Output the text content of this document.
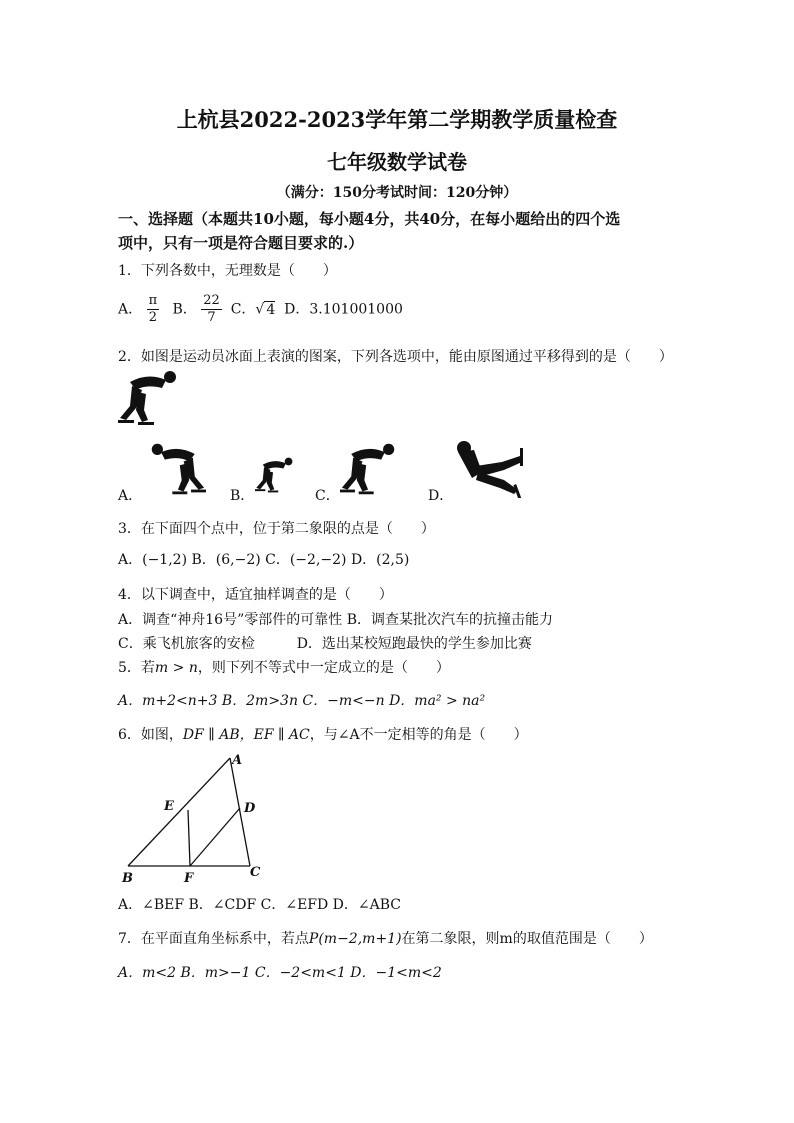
上杭县2022-2023学年第二学期教学质量检查
七年级数学试卷
（满分：150分考试时间：120分钟）
一、选择题（本题共10小题，每小题4分，共40分，在每小题给出的四个选
项中，只有一项是符合题目要求的.）
1．下列各数中，无理数是（　　）
A． $\frac{\pi}{2}$ B． $\frac{22}{7}$ C．√ 4 D．3.101001000
2．如图是运动员冰面上表演的图案，下列各选项中，能由原图通过平移得到的是（　　）
A．	B．	C．	D．
3．在下面四个点中，位于第二象限的点是（　　）
A．(−1,2) B．(6,−2) C．(−2,−2) D．(2,5)
4．以下调查中，适宜抽样调查的是（　　）
A．调查“神舟16号”零部件的可靠性 B．调查某批次汽车的抗撞击能力
C．乘飞机旅客的安检　　　D．选出某校短跑最快的学生参加比赛
5．若m > n，则下列不等式中一定成立的是（　　）
A．m+2<n+3 B．2m>3n C．−m<−n D．ma² > na²
6．如图，DF ∥ AB，EF ∥ AC，与∠A不一定相等的角是（　　）
A
B	C
D
E
F
A．∠BEF B．∠CDF C．∠EFD D．∠ABC
7．在平面直角坐标系中，若点P(m−2,m+1)在第二象限，则m的取值范围是（　　）
A．m<2 B．m>−1 C．−2<m<1 D．−1<m<2
